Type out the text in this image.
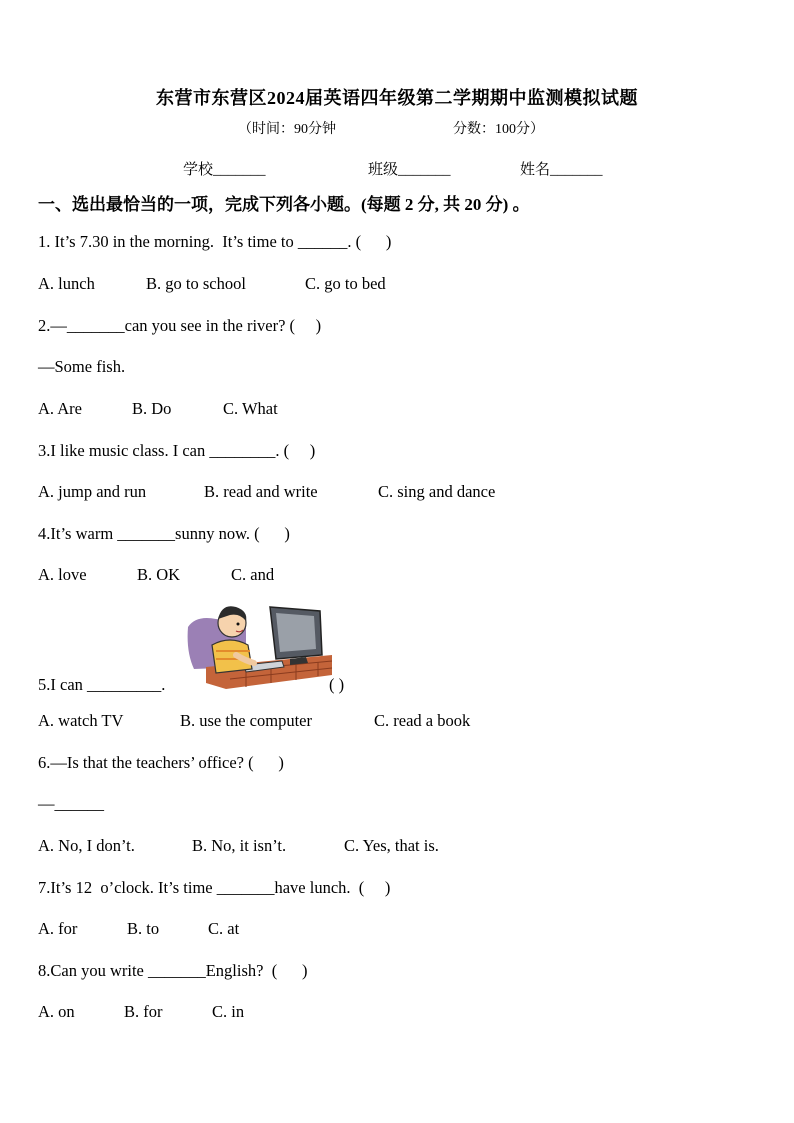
东营市东营区2024届英语四年级第二学期期中监测模拟试题
（时间：90分钟	分数：100分）
学校_______	班级_______	姓名_______
一、选出最恰当的一项，完成下列各小题。(每题 2 分, 共 20 分) 。
1. It’s 7.30 in the morning.  It’s time to ______. (      )
A. lunch	B. go to school	C. go to bed
2.—_______can you see in the river? (     )
—Some fish.
A. Are	B. Do	C. What
3.I like music class. I can ________. (     )
A. jump and run	B. read and write	C. sing and dance
4.It’s warm _______sunny now. (      )
A. love	B. OK	C. and
5.I can _________.	( )
A. watch TV	B. use the computer	C. read a book
6.—Is that the teachers’ office? (      )
—______
A. No, I don’t.	B. No, it isn’t.	C. Yes, that is.
7.It’s 12  o’clock. It’s time _______have lunch.  (     )
A. for	B. to	C. at
8.Can you write _______English?  (      )
A. on	B. for	C. in
